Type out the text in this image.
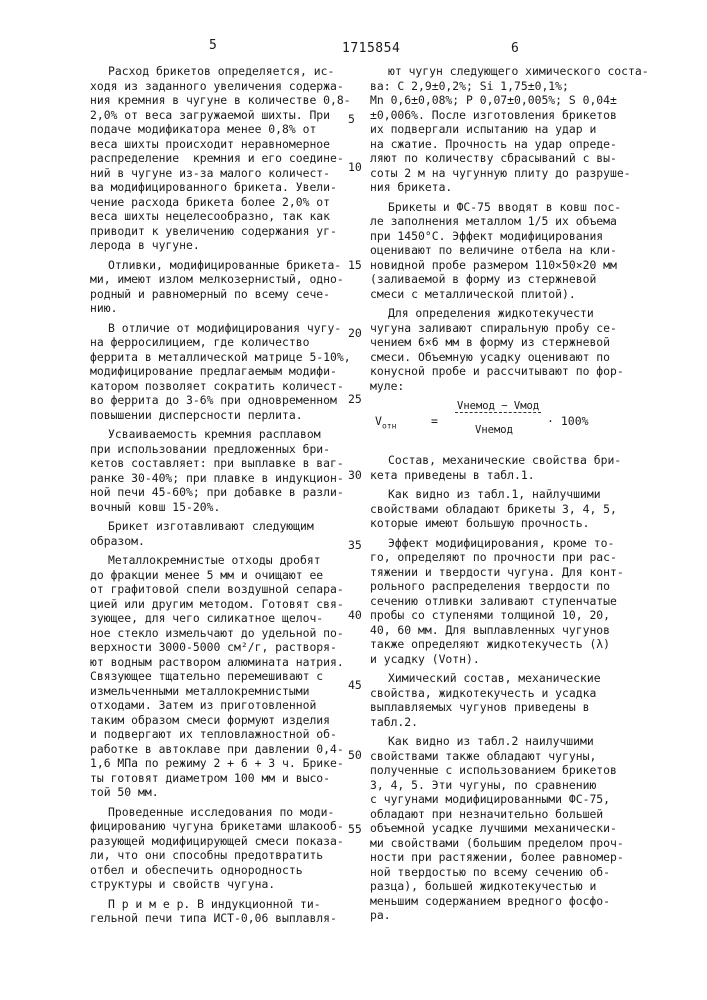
5	1715854	6
5
10
15
20
25
30
35
40
45
50
55
Расход брикетов определяется, ис-
ходя из заданного увеличения содержа-
ния кремния в чугуне в количестве 0,8-
2,0% от веса загружаемой шихты. При
подаче модификатора менее 0,8% от
веса шихты происходит неравномерное
распределение  кремния и его соедине-
ний в чугуне из-за малого количест-
ва модифицированного брикета. Увели-
чение расхода брикета более 2,0% от
веса шихты нецелесообразно, так как
приводит к увеличению содержания уг-
лерода в чугуне.
Отливки, модифицированные брикета-
ми, имеют излом мелкозернистый, одно-
родный и равномерный по всему сече-
нию.
В отличие от модифицирования чугу-
на ферросилицием, где количество
феррита в металлической матрице 5-10%,
модифицирование предлагаемым модифи-
катором позволяет сократить количест-
во феррита до 3-6% при одновременном
повышении дисперсности перлита.
Усваиваемость кремния расплавом
при использовании предложенных бри-
кетов составляет: при выплавке в ваг-
ранке 30-40%; при плавке в индукцион-
ной печи 45-60%; при добавке в разли-
вочный ковш 15-20%.
Брикет изготавливают следующим
образом.
Металлокремнистые отходы дробят
до фракции менее 5 мм и очищают ее
от графитовой спели воздушной сепара-
цией или другим методом. Готовят свя-
зующее, для чего силикатное щелоч-
ное стекло измельчают до удельной по-
верхности 3000-5000 см²/г, растворя-
ют водным раствором алюмината натрия.
Связующее тщательно перемешивают с
измельченными металлокремнистыми
отходами. Затем из приготовленной
таким образом смеси формуют изделия
и подвергают их тепловлажностной об-
работке в автоклаве при давлении 0,4-
1,6 МПа по режиму 2 + 6 + 3 ч. Брике-
ты готовят диаметром 100 мм и высо-
той 50 мм.
Проведенные исследования по моди-
фицированию чугуна брикетами шлакооб-
разующей модифицирующей смеси показа-
ли, что они способны предотвратить
отбел и обеспечить однородность
структуры и свойств чугуна.
П р и м е р. В индукционной ти-
гельной печи типа ИСТ-0,06 выплавля-
ют чугун следующего химического соста-
ва: C 2,9±0,2%; Si 1,75±0,1%;
Mn 0,6±0,08%; P 0,07±0,005%; S 0,04±
±0,006%. После изготовления брикетов
их подвергали испытанию на удар и
на сжатие. Прочность на удар опреде-
ляют по количеству сбрасываний с вы-
соты 2 м на чугунную плиту до разруше-
ния брикета.
Брикеты и ФС-75 вводят в ковш пос-
ле заполнения металлом 1/5 их объема
при 1450°С. Эффект модифицирования
оценивают по величине отбела на кли-
новидной пробе размером 110×50×20 мм
(заливаемой в форму из стержневой
смеси с металлической плитой).
Для определения жидкотекучести
чугуна заливают спиральную пробу се-
чением 6×6 мм в форму из стержневой
смеси. Объемную усадку оценивают по
конусной пробе и рассчитывают по фор-
муле:
Vотн	=
Vнемод − Vмод
Vнемод
· 100%
Состав, механические свойства бри-
кета приведены в табл.1.
Как видно из табл.1, найлучшими
свойствами обладают брикеты 3, 4, 5,
которые имеют большую прочность.
Эффект модифицирования, кроме то-
го, определяют по прочности при рас-
тяжении и твердости чугуна. Для конт-
рольного распределения твердости по
сечению отливки заливают ступенчатые
пробы со ступенями толщиной 10, 20,
40, 60 мм. Для выплавленных чугунов
также определяют жидкотекучесть (λ)
и усадку (Vотн).
Химический состав, механические
свойства, жидкотекучесть и усадка
выплавляемых чугунов приведены в
табл.2.
Как видно из табл.2 наилучшими
свойствами также обладают чугуны,
полученные с использованием брикетов
3, 4, 5. Эти чугуны, по сравнению
с чугунами модифицированными ФС-75,
обладают при незначительно большей
объемной усадке лучшими механически-
ми свойствами (большим пределом проч-
ности при растяжении, более равномер-
ной твердостью по всему сечению об-
разца), большей жидкотекучестью и
меньшим содержанием вредного фосфо-
ра.
